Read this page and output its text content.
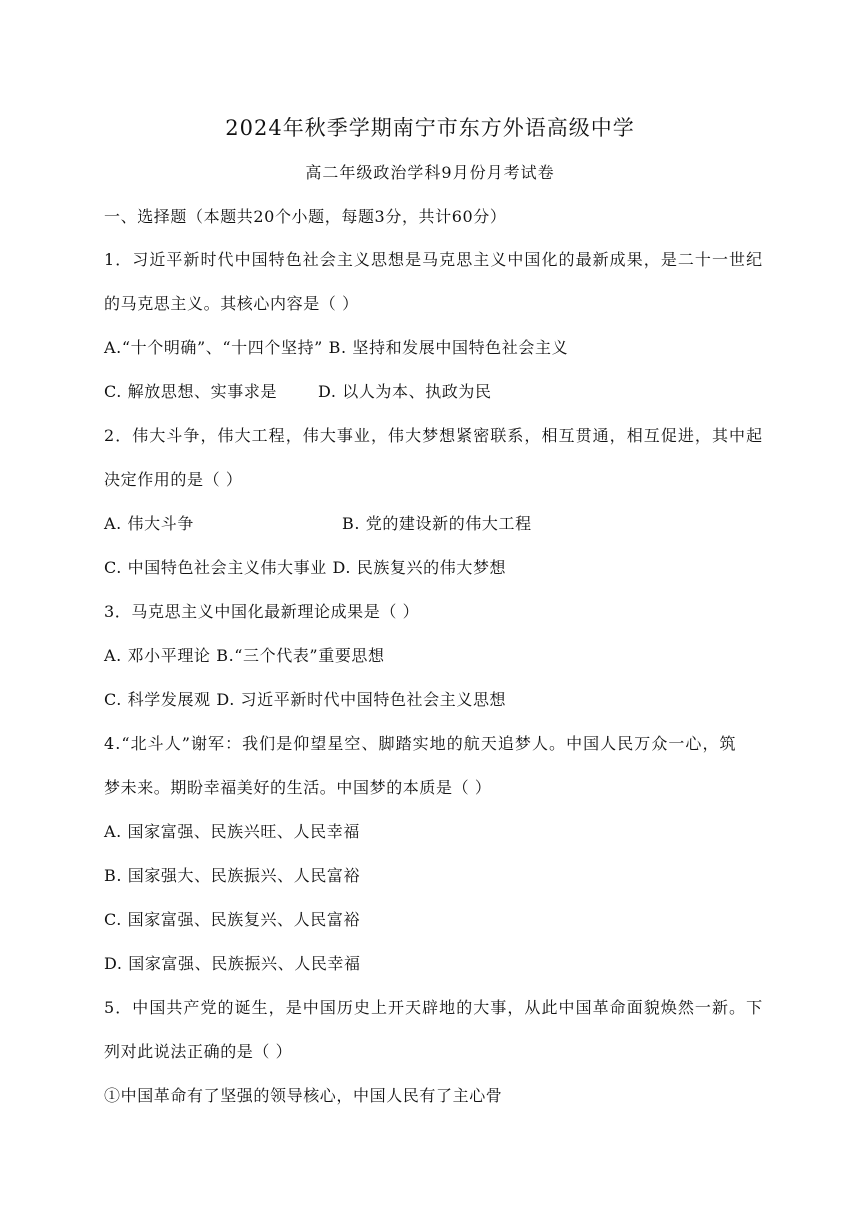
2024年秋季学期南宁市东方外语高级中学
高二年级政治学科9月份月考试卷
一、选择题（本题共20个小题，每题3分，共计60分）
1．习近平新时代中国特色社会主义思想是马克思主义中国化的最新成果，是二十一世纪
的马克思主义。其核心内容是（ ）
A.“十个明确”、“十四个坚持” B. 坚持和发展中国特色社会主义
C. 解放思想、实事求是	D. 以人为本、执政为民
2．伟大斗争，伟大工程，伟大事业，伟大梦想紧密联系，相互贯通，相互促进，其中起
决定作用的是（ ）
A. 伟大斗争	B. 党的建设新的伟大工程
C. 中国特色社会主义伟大事业 D. 民族复兴的伟大梦想
3．马克思主义中国化最新理论成果是（ ）
A. 邓小平理论 B.“三个代表”重要思想
C. 科学发展观 D. 习近平新时代中国特色社会主义思想
4.“北斗人”谢军：我们是仰望星空、脚踏实地的航天追梦人。中国人民万众一心，筑
梦未来。期盼幸福美好的生活。中国梦的本质是（ ）
A. 国家富强、民族兴旺、人民幸福
B. 国家强大、民族振兴、人民富裕
C. 国家富强、民族复兴、人民富裕
D. 国家富强、民族振兴、人民幸福
5．中国共产党的诞生，是中国历史上开天辟地的大事，从此中国革命面貌焕然一新。下
列对此说法正确的是（ ）
①中国革命有了坚强的领导核心，中国人民有了主心骨
